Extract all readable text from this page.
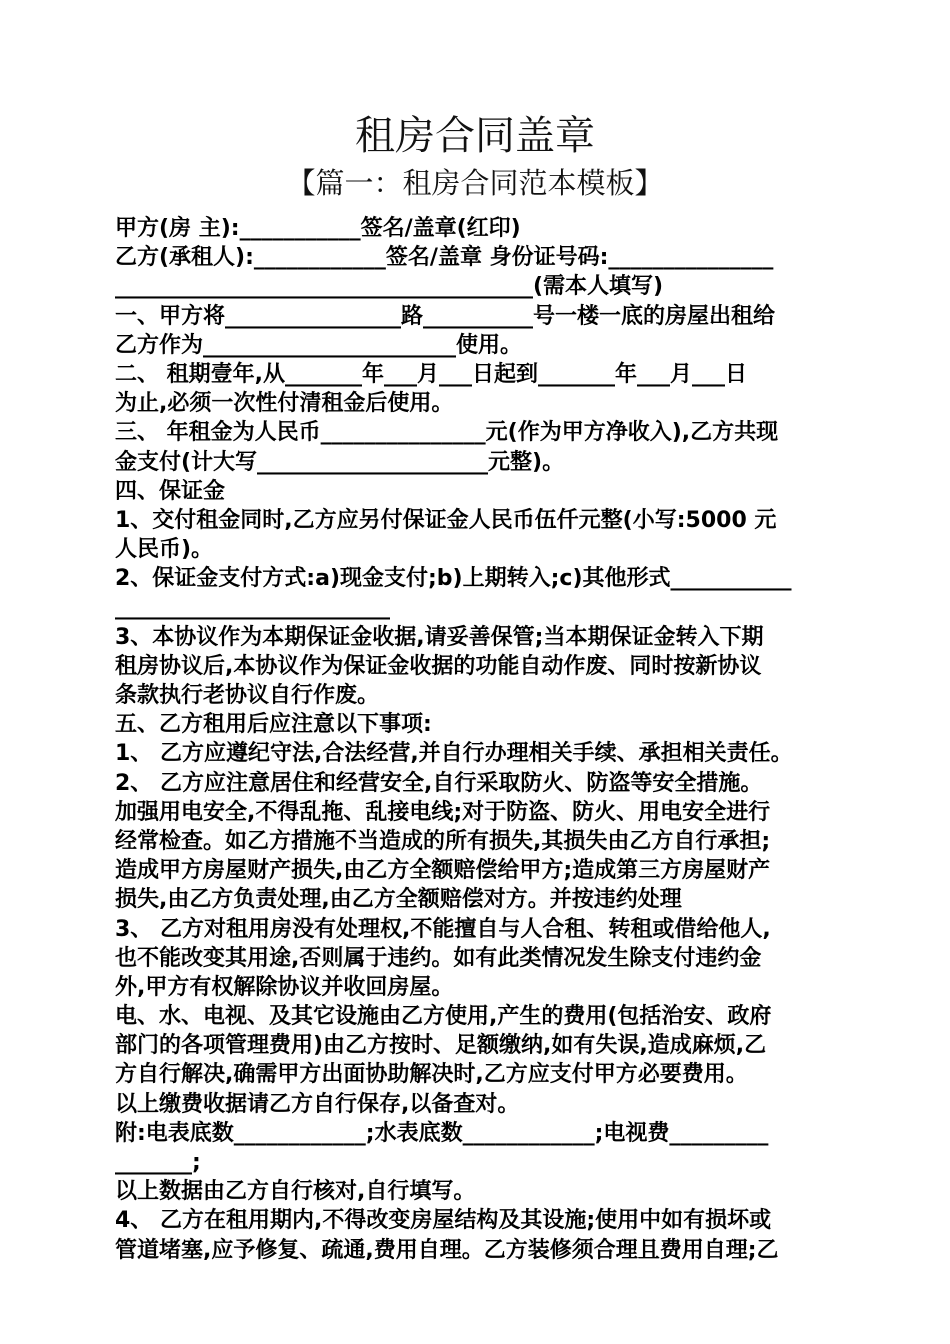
租房合同盖章
【篇一：租房合同范本模板】
甲方(房 主):___________签名/盖章(红印)
乙方(承租人):____________签名/盖章 身份证号码:_______________
______________________________________(需本人填写)
一、甲方将________________路__________号一楼一底的房屋出租给
乙方作为_______________________使用。
二、 租期壹年,从_______年___月___日起到_______年___月___日
为止,必须一次性付清租金后使用。
三、 年租金为人民币_______________元(作为甲方净收入),乙方共现
金支付(计大写_____________________元整)。
四、保证金
1、交付租金同时,乙方应另付保证金人民币伍仟元整(小写:5000 元
人民币)。
2、保证金支付方式:a)现金支付;b)上期转入;c)其他形式___________
_________________________
3、本协议作为本期保证金收据,请妥善保管;当本期保证金转入下期
租房协议后,本协议作为保证金收据的功能自动作废、同时按新协议
条款执行老协议自行作废。
五、乙方租用后应注意以下事项:
1、 乙方应遵纪守法,合法经营,并自行办理相关手续、承担相关责任。
2、 乙方应注意居住和经营安全,自行采取防火、防盗等安全措施。
加强用电安全,不得乱拖、乱接电线;对于防盗、防火、用电安全进行
经常检查。如乙方措施不当造成的所有损失,其损失由乙方自行承担;
造成甲方房屋财产损失,由乙方全额赔偿给甲方;造成第三方房屋财产
损失,由乙方负责处理,由乙方全额赔偿对方。并按违约处理
3、 乙方对租用房没有处理权,不能擅自与人合租、转租或借给他人,
也不能改变其用途,否则属于违约。如有此类情况发生除支付违约金
外,甲方有权解除协议并收回房屋。
电、水、电视、及其它设施由乙方使用,产生的费用(包括治安、政府
部门的各项管理费用)由乙方按时、足额缴纳,如有失误,造成麻烦,乙
方自行解决,确需甲方出面协助解决时,乙方应支付甲方必要费用。
以上缴费收据请乙方自行保存,以备查对。
附:电表底数____________;水表底数____________;电视费_________
_______;
以上数据由乙方自行核对,自行填写。
4、 乙方在租用期内,不得改变房屋结构及其设施;使用中如有损坏或
管道堵塞,应予修复、疏通,费用自理。乙方装修须合理且费用自理;乙
